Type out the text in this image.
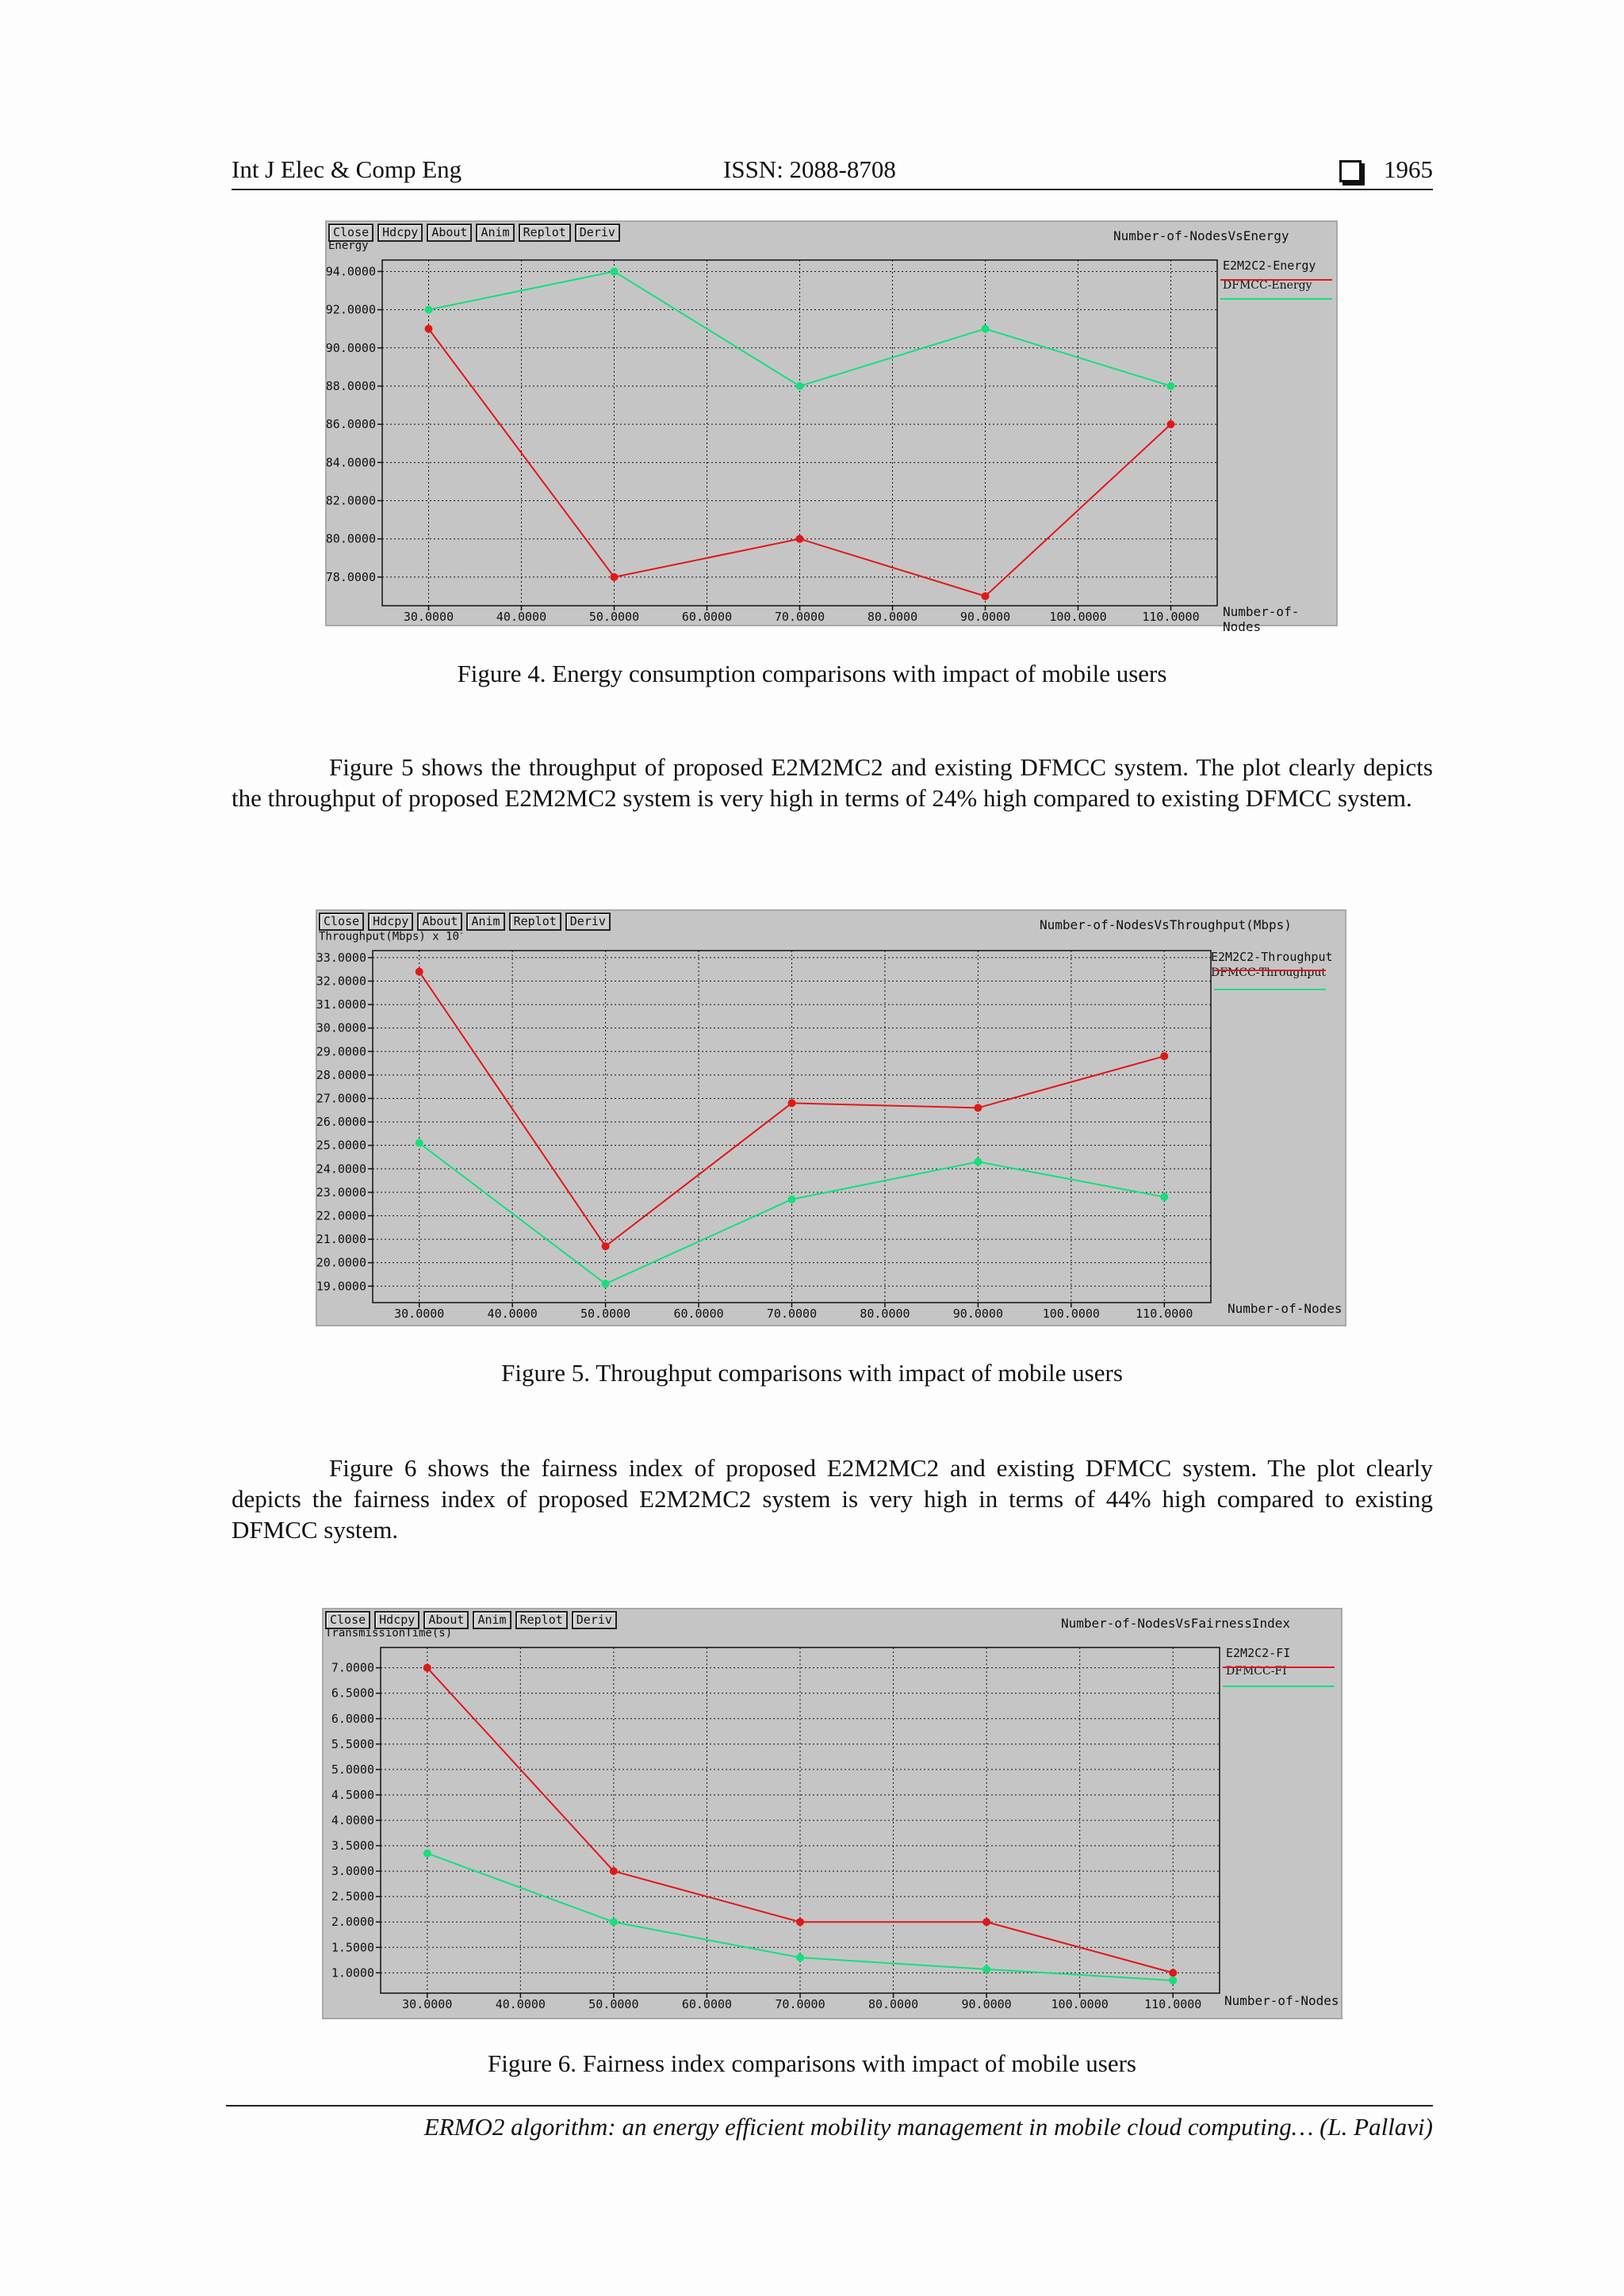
Int J Elec & Comp Eng	ISSN: 2088-8708	1965
Close	Hdcpy	About	Anim	Replot	Deriv	Number-of-NodesVsEnergy
Energy
Number-of-Nodes
E2M2C2-Energy
DFMCC-Energy
30.0000	40.0000	50.0000	60.0000	70.0000	80.0000	90.0000	100.0000	110.0000
78.0000
80.0000
82.0000
84.0000
86.0000
88.0000
90.0000
92.0000
94.0000
Figure 4. Energy consumption comparisons with impact of mobile users
Figure 5 shows the throughput of proposed E2M2MC2 and existing DFMCC system. The plot clearly depicts the throughput of proposed E2M2MC2 system is very high in terms of 24% high compared to existing DFMCC system.
Close	Hdcpy	About	Anim	Replot	Deriv	Number-of-NodesVsThroughput(Mbps)
Throughput(Mbps) x 10-
Number-of-Nodes
E2M2C2-Throughput
DFMCC-Throughput
30.0000	40.0000	50.0000	60.0000	70.0000	80.0000	90.0000	100.0000	110.0000
19.0000
20.0000
21.0000
22.0000
23.0000
24.0000
25.0000
26.0000
27.0000
28.0000
29.0000
30.0000
31.0000
32.0000
33.0000
Figure 5. Throughput comparisons with impact of mobile users
Figure 6 shows the fairness index of proposed E2M2MC2 and existing DFMCC system. The plot clearly depicts the fairness index of proposed E2M2MC2 system is very high in terms of 44% high compared to existing DFMCC system.
Close	Hdcpy	About	Anim	Replot	Deriv	Number-of-NodesVsFairnessIndex
TransmissionTime(s)
Number-of-Nodes
E2M2C2-FI
DFMCC-FI
30.0000	40.0000	50.0000	60.0000	70.0000	80.0000	90.0000	100.0000	110.0000
1.0000
1.5000
2.0000
2.5000
3.0000
3.5000
4.0000
4.5000
5.0000
5.5000
6.0000
6.5000
7.0000
Figure 6. Fairness index comparisons with impact of mobile users
ERMO2 algorithm: an energy efficient mobility management in mobile cloud computing… (L. Pallavi)
